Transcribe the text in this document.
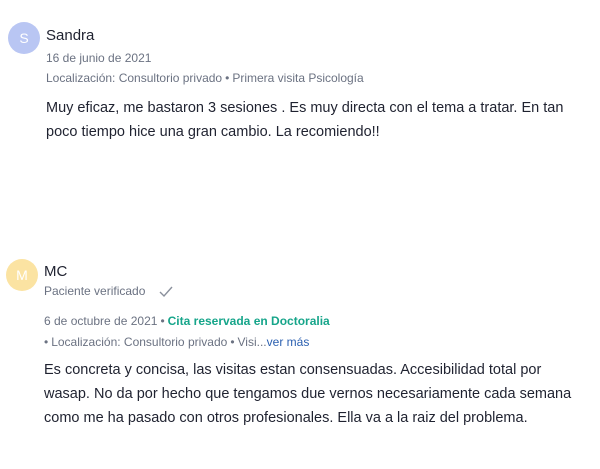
S Sandra
16 de junio de 2021
Localización: Consultorio privado • Primera visita Psicología
Muy eficaz, me bastaron 3 sesiones . Es muy directa con el tema a tratar. En tan poco tiempo hice una gran cambio. La recomiendo!!
M MC
Paciente verificado
6 de octubre de 2021 • Cita reservada en Doctoralia
• Localización: Consultorio privado • Visi...ver más
Es concreta y concisa, las visitas estan consensuadas. Accesibilidad total por wasap. No da por hecho que tengamos due vernos necesariamente cada semana como me ha pasado con otros profesionales. Ella va a la raiz del problema.
